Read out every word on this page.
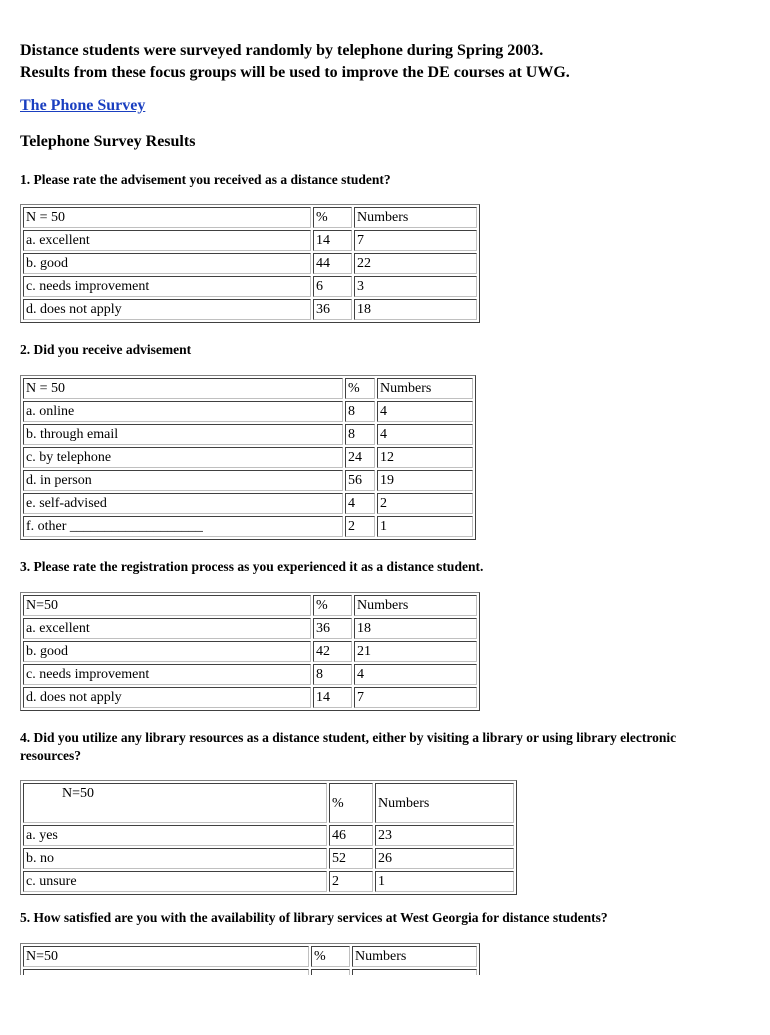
Distance students were surveyed randomly by telephone during Spring 2003.
Results from these focus groups will be used to improve the DE courses at UWG.
The Phone Survey
Telephone Survey Results
1. Please rate the advisement you received as a distance student?
N = 50	%	Numbers
a. excellent	14	7
b. good	44	22
c. needs improvement	6	3
d. does not apply	36	18
2. Did you receive advisement
N = 50	%	Numbers
a. online	8	4
b. through email	8	4
c. by telephone	24	12
d. in person	56	19
e. self-advised	4	2
f. other ___________________	2	1
3. Please rate the registration process as you experienced it as a distance student.
N=50	%	Numbers
a. excellent	36	18
b. good	42	21
c. needs improvement	8	4
d. does not apply	14	7
4. Did you utilize any library resources as a distance student, either by visiting a library or using library electronic resources?
N=50	%	Numbers
a. yes	46	23
b. no	52	26
c. unsure	2	1
5. How satisfied are you with the availability of library services at West Georgia for distance students?
N=50	%	Numbers
